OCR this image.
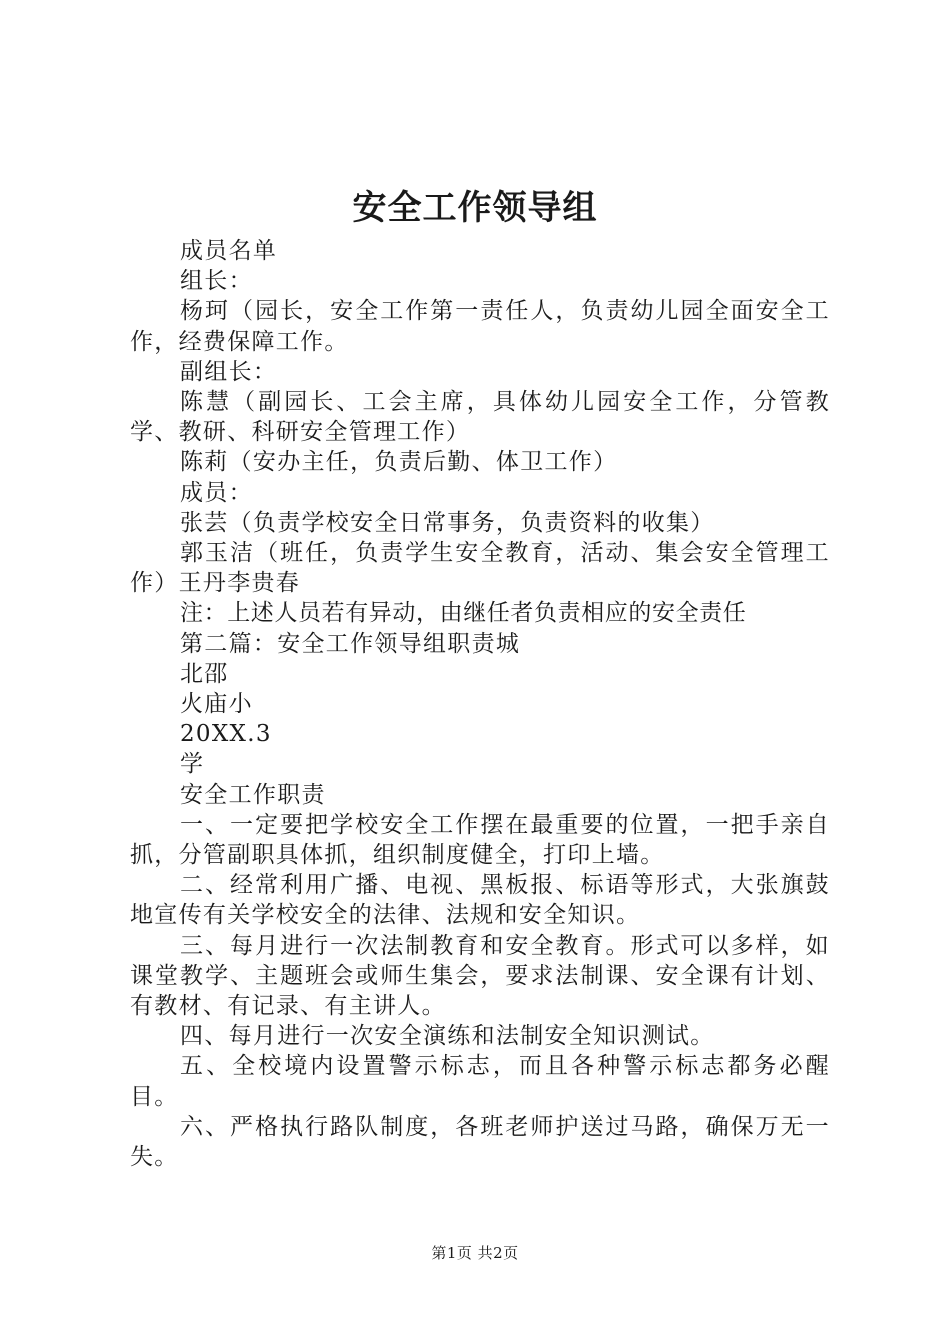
安全工作领导组

成员名单

组长：

杨珂（园长，安全工作第一责任人，负责幼儿园全面安全工作，经费保障工作。

副组长：

陈慧（副园长、工会主席，具体幼儿园安全工作，分管教学、教研、科研安全管理工作）

陈莉（安办主任，负责后勤、体卫工作）

成员：

张芸（负责学校安全日常事务，负责资料的收集）

郭玉洁（班任，负责学生安全教育，活动、集会安全管理工作）王丹李贵春

注：上述人员若有异动，由继任者负责相应的安全责任

第二篇：安全工作领导组职责城

北邵

火庙小

20XX.3

学

安全工作职责

一、一定要把学校安全工作摆在最重要的位置，一把手亲自抓，分管副职具体抓，组织制度健全，打印上墙。

二、经常利用广播、电视、黑板报、标语等形式，大张旗鼓地宣传有关学校安全的法律、法规和安全知识。

三、每月进行一次法制教育和安全教育。形式可以多样，如课堂教学、主题班会或师生集会，要求法制课、安全课有计划、有教材、有记录、有主讲人。

四、每月进行一次安全演练和法制安全知识测试。

五、全校境内设置警示标志，而且各种警示标志都务必醒目。

六、严格执行路队制度，各班老师护送过马路，确保万无一失。

第1页 共2页
